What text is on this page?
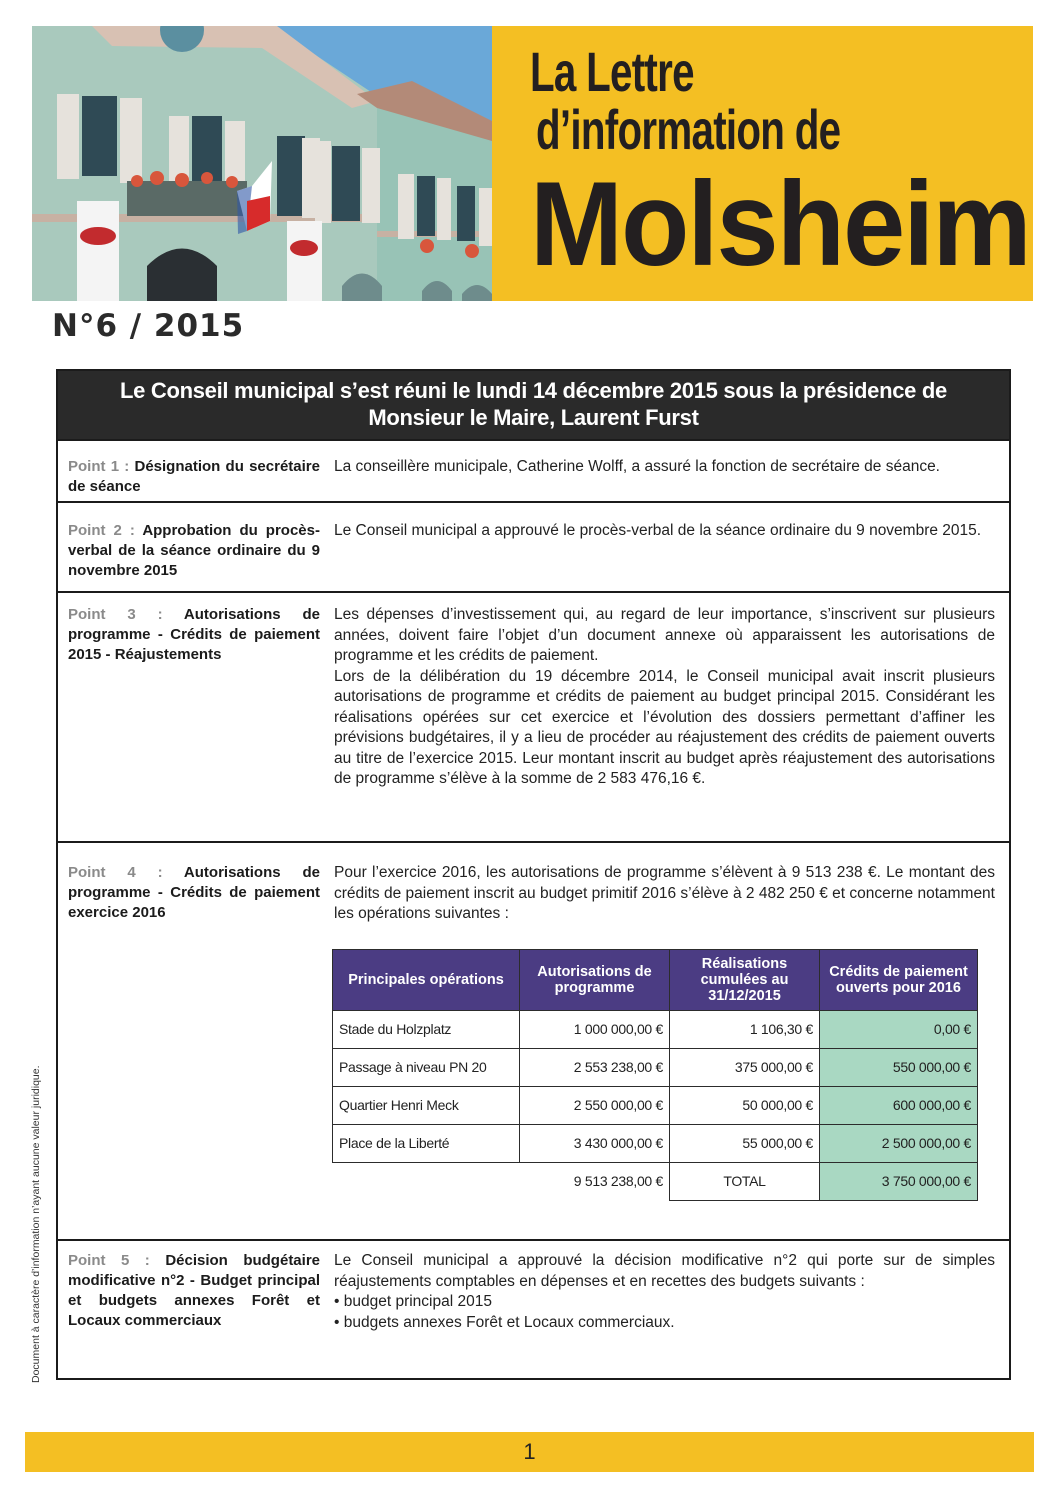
La Lettre
d’information de
Molsheim
N°6 / 2015
Document à caractère d’information n’ayant aucune valeur juridique.
Le Conseil municipal s’est réuni le lundi 14 décembre 2015 sous la présidence de
Monsieur le Maire, Laurent Furst
Point 1 : Désignation du secrétaire de séance

La conseillère municipale, Catherine Wolff, a assuré la fonction de secrétaire de séance.

Point 2 : Approbation du procès-verbal de la séance ordinaire du 9 novembre 2015

Le Conseil municipal a approuvé le procès-verbal de la séance ordinaire du 9 novembre 2015.

Point 3 : Autorisations de programme - Crédits de paiement 2015 - Réajustements

Les dépenses d’investissement qui, au regard de leur importance, s’inscrivent sur plusieurs années, doivent faire l’objet d’un document annexe où apparaissent les autorisations de programme et les crédits de paiement.

Lors de la délibération du 19 décembre 2014, le Conseil municipal avait inscrit plusieurs autorisations de programme et crédits de paiement au budget principal 2015. Considérant les réalisations opérées sur cet exercice et l’évolution des dossiers permettant d’affiner les prévisions budgétaires, il y a lieu de procéder au réajustement des crédits de paiement ouverts au titre de l’exercice 2015. Leur montant inscrit au budget après réajustement des autorisations de programme s’élève à la somme de 2 583 476,16 €.

Point 4 : Autorisations de programme - Crédits de paiement exercice 2016

Pour l’exercice 2016, les autorisations de programme s’élèvent à 9 513 238 €. Le montant des crédits de paiement inscrit au budget primitif 2016 s’élève à 2 482 250 € et concerne notamment les opérations suivantes :

Principales opérations	Autorisations de programme	Réalisations cumulées au 31/12/2015	Crédits de paiement ouverts pour 2016
Stade du Holzplatz	1 000 000,00 €	1 106,30 €	0,00 €
Passage à niveau PN 20	2 553 238,00 €	375 000,00 €	550 000,00 €
Quartier Henri Meck	2 550 000,00 €	50 000,00 €	600 000,00 €
Place de la Liberté	3 430 000,00 €	55 000,00 €	2 500 000,00 €
	9 513 238,00 €	TOTAL	3 750 000,00 €
Point 5 : Décision budgétaire modificative n°2 - Budget principal et budgets annexes Forêt et Locaux commerciaux

Le Conseil municipal a approuvé la décision modificative n°2 qui porte sur de simples réajustements comptables en dépenses et en recettes des budgets suivants :

• budget principal 2015

• budgets annexes Forêt et Locaux commerciaux.

1
